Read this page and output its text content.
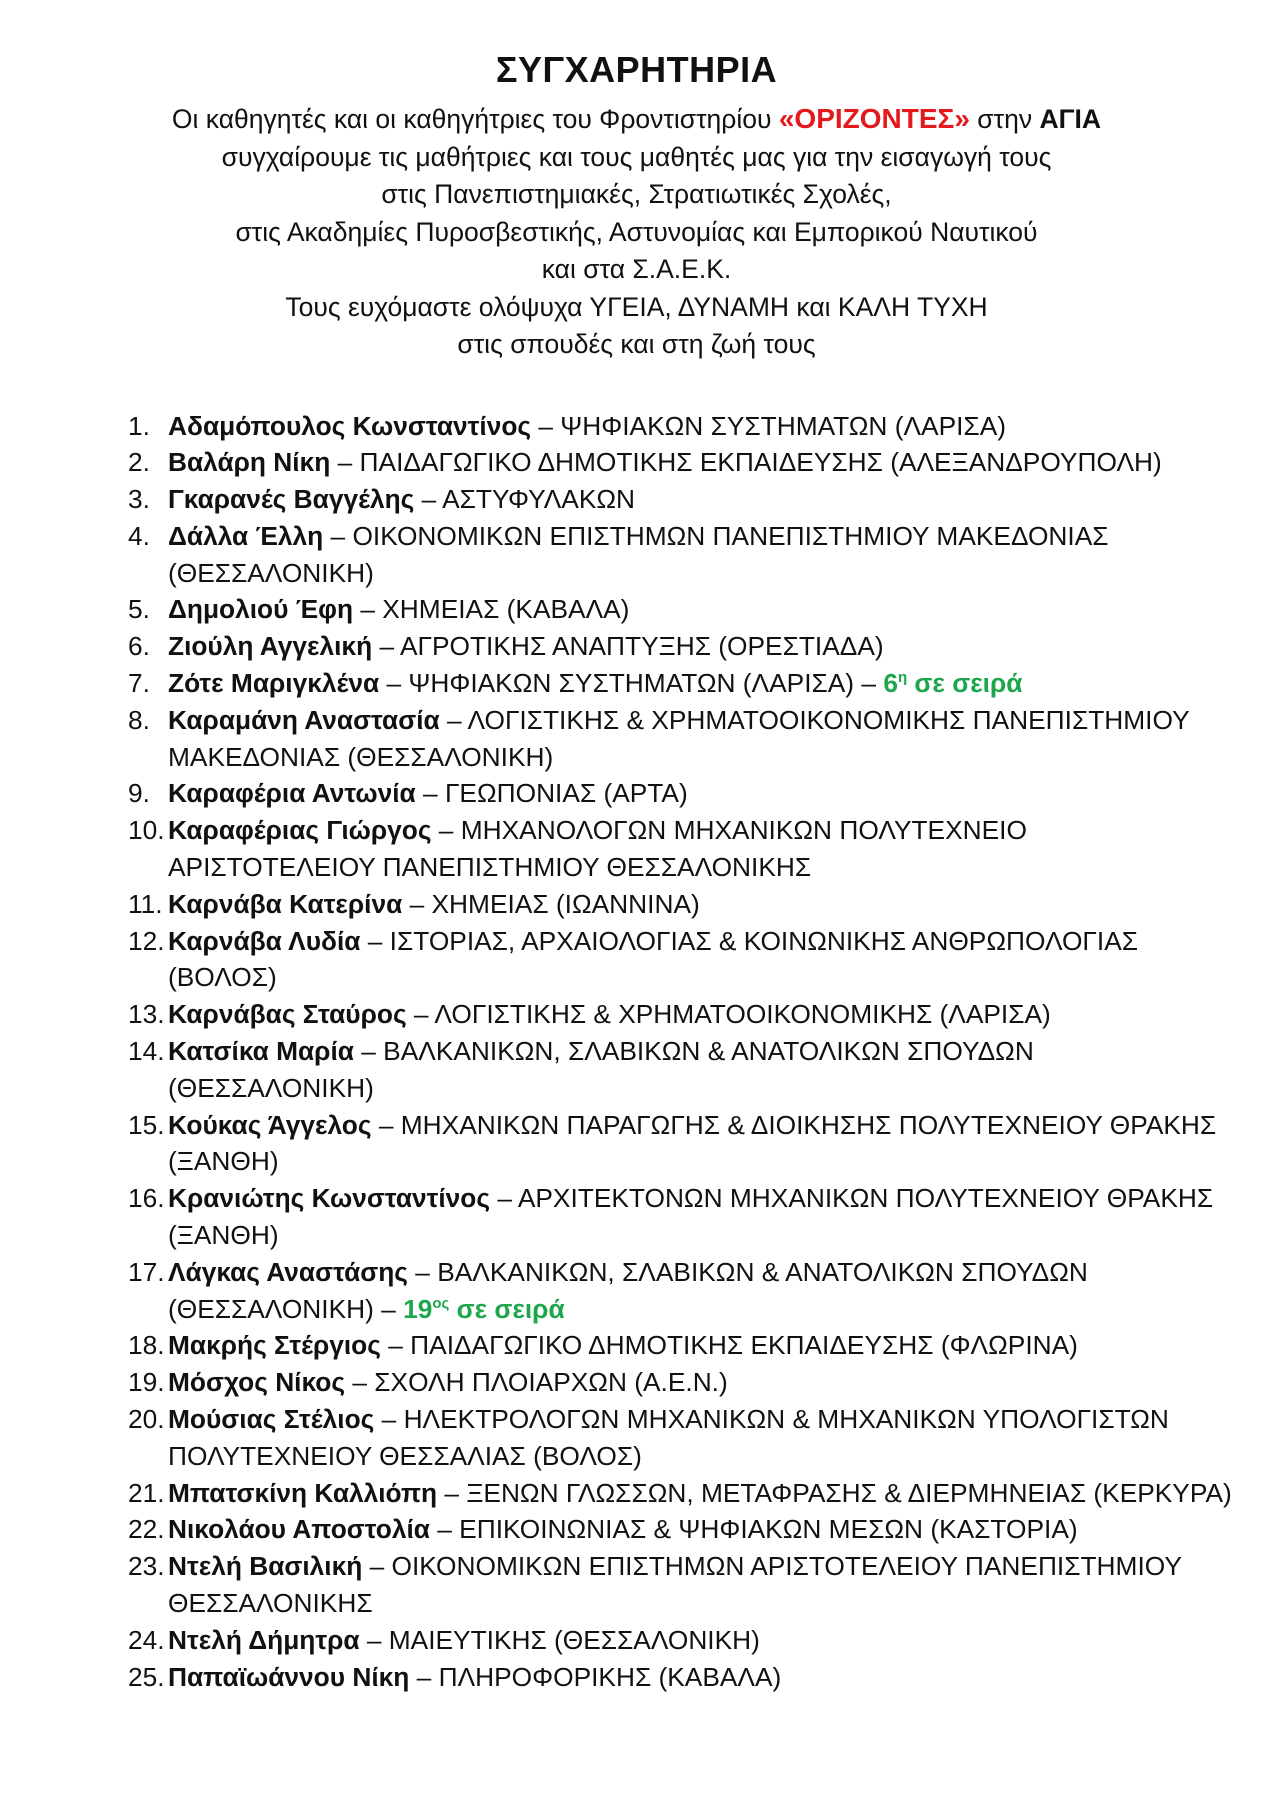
ΣΥΓΧΑΡΗΤΗΡΙΑ

Οι καθηγητές και οι καθηγήτριες του Φροντιστηρίου «ΟΡΙΖΟΝΤΕΣ» στην ΑΓΙΑ

συγχαίρουμε τις μαθήτριες και τους μαθητές μας για την εισαγωγή τους

στις Πανεπιστημιακές, Στρατιωτικές Σχολές,

στις Ακαδημίες Πυροσβεστικής, Αστυνομίας και Εμπορικού Ναυτικού

και στα Σ.Α.Ε.Κ.

Τους ευχόμαστε ολόψυχα ΥΓΕΙΑ, ΔΥΝΑΜΗ και ΚΑΛΗ ΤΥΧΗ

στις σπουδές και στη ζωή τους

1. Αδαμόπουλος Κωνσταντίνος – ΨΗΦΙΑΚΩΝ ΣΥΣΤΗΜΑΤΩΝ (ΛΑΡΙΣΑ)
2. Βαλάρη Νίκη – ΠΑΙΔΑΓΩΓΙΚΟ ΔΗΜΟΤΙΚΗΣ ΕΚΠΑΙΔΕΥΣΗΣ (ΑΛΕΞΑΝΔΡΟΥΠΟΛΗ)
3. Γκαρανές Βαγγέλης – ΑΣΤΥΦΥΛΑΚΩΝ
4. Δάλλα Έλλη – ΟΙΚΟΝΟΜΙΚΩΝ ΕΠΙΣΤΗΜΩΝ ΠΑΝΕΠΙΣΤΗΜΙΟΥ ΜΑΚΕΔΟΝΙΑΣ (ΘΕΣΣΑΛΟΝΙΚΗ)
5. Δημολιού Έφη – ΧΗΜΕΙΑΣ (ΚΑΒΑΛΑ)
6. Ζιούλη Αγγελική – ΑΓΡΟΤΙΚΗΣ ΑΝΑΠΤΥΞΗΣ (ΟΡΕΣΤΙΑΔΑ)
7. Ζότε Μαριγκλένα – ΨΗΦΙΑΚΩΝ ΣΥΣΤΗΜΑΤΩΝ $(\Lambda API\Sigma A) - 6^\eta$ σε σειρά
8. Καραμάνη Αναστασία – ΛΟΓΙΣΤΙΚΗΣ & ΧΡΗΜΑΤΟΟΙΚΟΝΟΜΙΚΗΣ ΠΑΝΕΠΙΣΤΗΜΙΟΥ ΜΑΚΕΔΟΝΙΑΣ (ΘΕΣΣΑΛΟΝΙΚΗ)
9. Καραφέρια Αντωνία – ΓΕΩΠΟΝΙΑΣ (ΑΡΤΑ)
10. Καραφέριας Γιώργος – ΜΗΧΑΝΟΛΟΓΩΝ ΜΗΧΑΝΙΚΩΝ ΠΟΛΥΤΕΧΝΕΙΟ ΑΡΙΣΤΟΤΕΛΕΙΟΥ ΠΑΝΕΠΙΣΤΗΜΙΟΥ ΘΕΣΣΑΛΟΝΙΚΗΣ
11. Καρνάβα Κατερίνα – ΧΗΜΕΙΑΣ (ΙΩΑΝΝΙΝΑ)
12. Καρνάβα Λυδία – ΙΣΤΟΡΙΑΣ, ΑΡΧΑΙΟΛΟΓΙΑΣ & ΚΟΙΝΩΝΙΚΗΣ ΑΝΘΡΩΠΟΛΟΓΙΑΣ (ΒΟΛΟΣ)
13. Καρνάβας Σταύρος – ΛΟΓΙΣΤΙΚΗΣ & ΧΡΗΜΑΤΟΟΙΚΟΝΟΜΙΚΗΣ (ΛΑΡΙΣΑ)
14. Κατσίκα Μαρία – ΒΑΛΚΑΝΙΚΩΝ, ΣΛΑΒΙΚΩΝ & ΑΝΑΤΟΛΙΚΩΝ ΣΠΟΥΔΩΝ (ΘΕΣΣΑΛΟΝΙΚΗ)
15. Κούκας Άγγελος – ΜΗΧΑΝΙΚΩΝ ΠΑΡΑΓΩΓΗΣ & ΔΙΟΙΚΗΣΗΣ ΠΟΛΥΤΕΧΝΕΙΟΥ ΘΡΑΚΗΣ (ΞΑΝΘΗ)
16. Κρανιώτης Κωνσταντίνος – ΑΡΧΙΤΕΚΤΟΝΩΝ ΜΗΧΑΝΙΚΩΝ ΠΟΛΥΤΕΧΝΕΙΟΥ ΘΡΑΚΗΣ (ΞΑΝΘΗ)
17. Λάγκας Αναστάσης – ΒΑΛΚΑΝΙΚΩΝ, ΣΛΑΒΙΚΩΝ & ΑΝΑΤΟΛΙΚΩΝ ΣΠΟΥΔΩΝ $(\Theta E\Sigma\Sigma A\Lambda ONIKH) - 19^{o\varsigma}$ σε σειρά
18. Μακρής Στέργιος – ΠΑΙΔΑΓΩΓΙΚΟ ΔΗΜΟΤΙΚΗΣ ΕΚΠΑΙΔΕΥΣΗΣ (ΦΛΩΡΙΝΑ)
19. Μόσχος Νίκος – ΣΧΟΛΗ ΠΛΟΙΑΡΧΩΝ (Α.Ε.Ν.)
20. Μούσιας Στέλιος – ΗΛΕΚΤΡΟΛΟΓΩΝ ΜΗΧΑΝΙΚΩΝ & ΜΗΧΑΝΙΚΩΝ ΥΠΟΛΟΓΙΣΤΩΝ ΠΟΛΥΤΕΧΝΕΙΟΥ ΘΕΣΣΑΛΙΑΣ (ΒΟΛΟΣ)
21. Μπατσκίνη Καλλιόπη – ΞΕΝΩΝ ΓΛΩΣΣΩΝ, ΜΕΤΑΦΡΑΣΗΣ & ΔΙΕΡΜΗΝΕΙΑΣ (ΚΕΡΚΥΡΑ)
22. Νικολάου Αποστολία – ΕΠΙΚΟΙΝΩΝΙΑΣ & ΨΗΦΙΑΚΩΝ ΜΕΣΩΝ (ΚΑΣΤΟΡΙΑ)
23. Ντελή Βασιλική – ΟΙΚΟΝΟΜΙΚΩΝ ΕΠΙΣΤΗΜΩΝ ΑΡΙΣΤΟΤΕΛΕΙΟΥ ΠΑΝΕΠΙΣΤΗΜΙΟΥ ΘΕΣΣΑΛΟΝΙΚΗΣ
24. Ντελή Δήμητρα – ΜΑΙΕΥΤΙΚΗΣ (ΘΕΣΣΑΛΟΝΙΚΗ)
25. Παπαϊωάννου Νίκη – ΠΛΗΡΟΦΟΡΙΚΗΣ (ΚΑΒΑΛΑ)
